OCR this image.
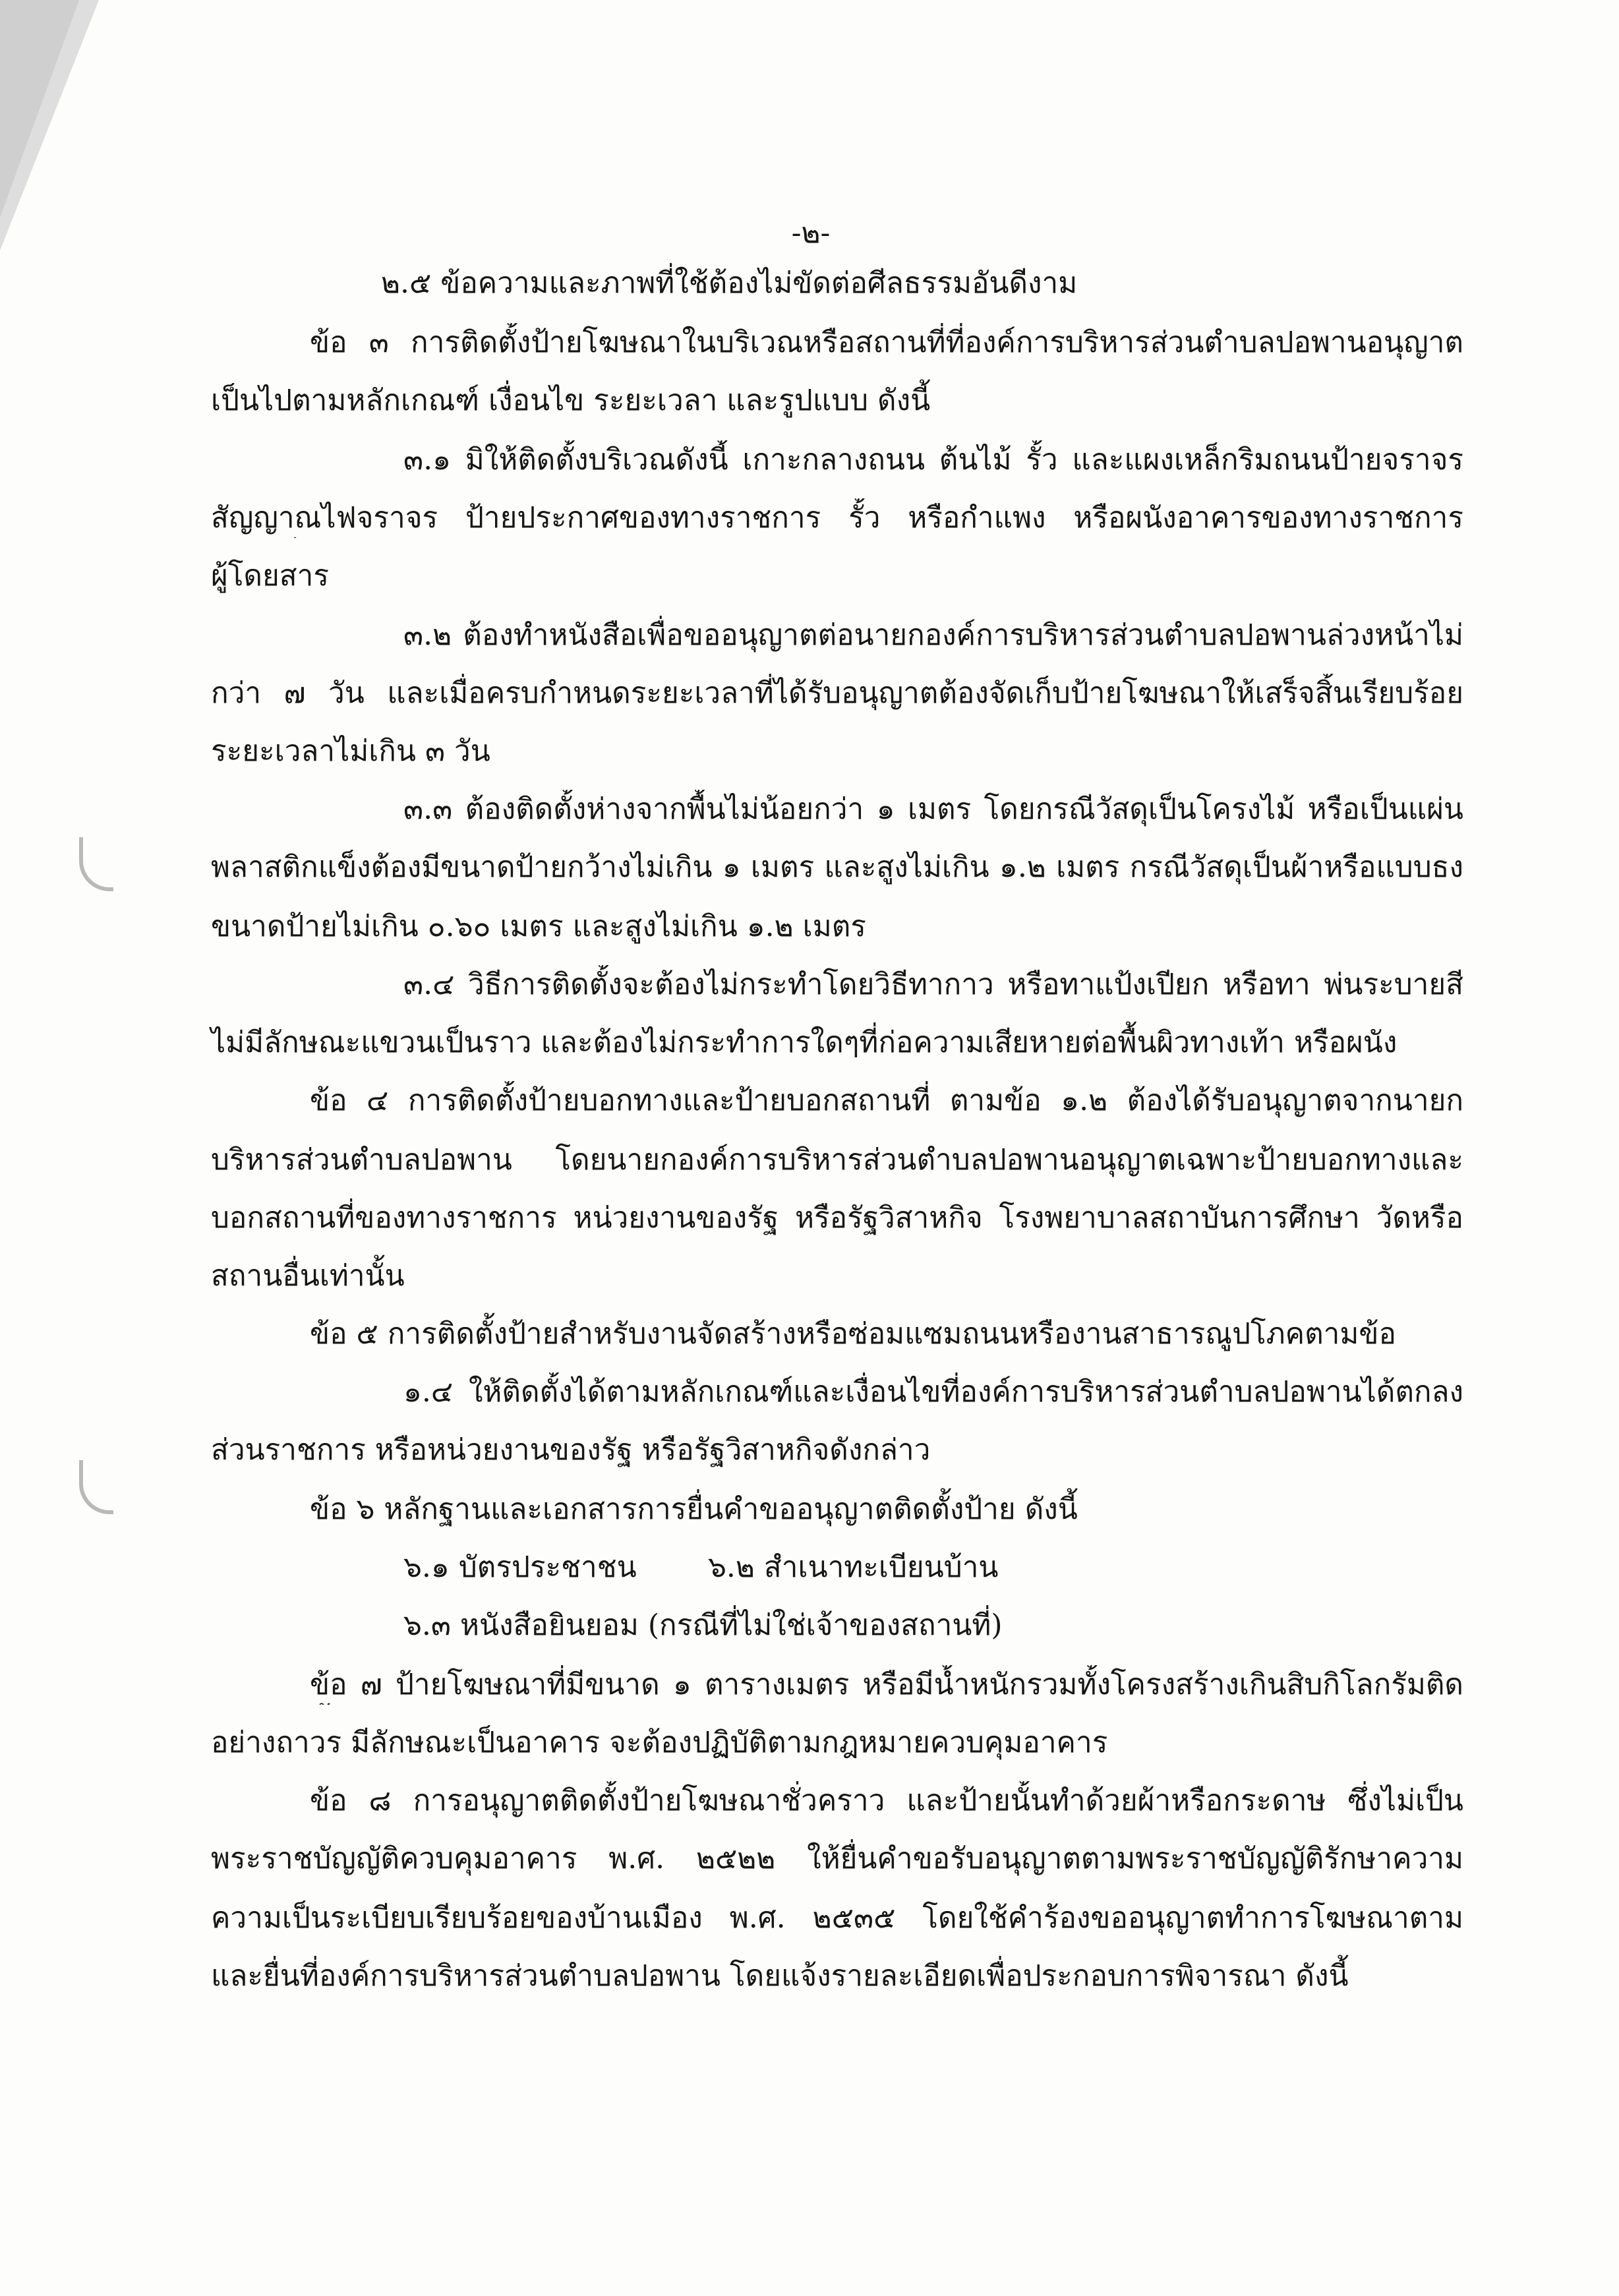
-๒-
๒.๕ ข้อความและภาพที่ใช้ต้องไม่ขัดต่อศีลธรรมอันดีงาม
ข้อ ๓ การติดตั้งป้ายโฆษณาในบริเวณหรือสถานที่ที่องค์การบริหารส่วนตำบลปอพานอนุญาต
เป็นไปตามหลักเกณฑ์ เงื่อนไข ระยะเวลา และรูปแบบ ดังนี้
๓.๑ มิให้ติดตั้งบริเวณดังนี้ เกาะกลางถนน ต้นไม้ รั้ว และแผงเหล็กริมถนนป้ายจราจร
สัญญาณไฟจราจร ป้ายประกาศของทางราชการ รั้ว หรือกำแพง หรือผนังอาคารของทางราชการ
ผู้โดยสาร
๓.๒ ต้องทำหนังสือเพื่อขออนุญาตต่อนายกองค์การบริหารส่วนตำบลปอพานล่วงหน้าไม่
กว่า ๗ วัน และเมื่อครบกำหนดระยะเวลาที่ได้รับอนุญาตต้องจัดเก็บป้ายโฆษณาให้เสร็จสิ้นเรียบร้อย
ระยะเวลาไม่เกิน ๓ วัน
๓.๓ ต้องติดตั้งห่างจากพื้นไม่น้อยกว่า ๑ เมตร โดยกรณีวัสดุเป็นโครงไม้ หรือเป็นแผ่น
พลาสติกแข็งต้องมีขนาดป้ายกว้างไม่เกิน ๑ เมตร และสูงไม่เกิน ๑.๒ เมตร กรณีวัสดุเป็นผ้าหรือแบบธง
ขนาดป้ายไม่เกิน ๐.๖๐ เมตร และสูงไม่เกิน ๑.๒ เมตร
๓.๔ วิธีการติดตั้งจะต้องไม่กระทำโดยวิธีทากาว หรือทาแป้งเปียก หรือทา พ่นระบายสี
ไม่มีลักษณะแขวนเป็นราว และต้องไม่กระทำการใดๆที่ก่อความเสียหายต่อพื้นผิวทางเท้า หรือผนัง
ข้อ ๔ การติดตั้งป้ายบอกทางและป้ายบอกสถานที่ ตามข้อ ๑.๒ ต้องได้รับอนุญาตจากนายก
บริหารส่วนตำบลปอพาน โดยนายกองค์การบริหารส่วนตำบลปอพานอนุญาตเฉพาะป้ายบอกทางและ
บอกสถานที่ของทางราชการ หน่วยงานของรัฐ หรือรัฐวิสาหกิจ โรงพยาบาลสถาบันการศึกษา วัดหรือ
สถานอื่นเท่านั้น
ข้อ ๕ การติดตั้งป้ายสำหรับงานจัดสร้างหรือซ่อมแซมถนนหรืองานสาธารณูปโภคตามข้อ
๑.๔ ให้ติดตั้งได้ตามหลักเกณฑ์และเงื่อนไขที่องค์การบริหารส่วนตำบลปอพานได้ตกลง
ส่วนราชการ หรือหน่วยงานของรัฐ หรือรัฐวิสาหกิจดังกล่าว
ข้อ ๖ หลักฐานและเอกสารการยื่นคำขออนุญาตติดตั้งป้าย ดังนี้
๖.๑ บัตรประชาชน ๖.๒ สำเนาทะเบียนบ้าน
๖.๓ หนังสือยินยอม (กรณีที่ไม่ใช่เจ้าของสถานที่)
ข้อ ๗ ป้ายโฆษณาที่มีขนาด ๑ ตารางเมตร หรือมีน้ำหนักรวมทั้งโครงสร้างเกินสิบกิโลกรัมติด
อย่างถาวร มีลักษณะเป็นอาคาร จะต้องปฏิบัติตามกฎหมายควบคุมอาคาร
ข้อ ๘ การอนุญาตติดตั้งป้ายโฆษณาชั่วคราว และป้ายนั้นทำด้วยผ้าหรือกระดาษ ซึ่งไม่เป็น
พระราชบัญญัติควบคุมอาคาร พ.ศ. ๒๕๒๒ ให้ยื่นคำขอรับอนุญาตตามพระราชบัญญัติรักษาความ
ความเป็นระเบียบเรียบร้อยของบ้านเมือง พ.ศ. ๒๕๓๕ โดยใช้คำร้องขออนุญาตทำการโฆษณาตาม
และยื่นที่องค์การบริหารส่วนตำบลปอพาน โดยแจ้งรายละเอียดเพื่อประกอบการพิจารณา ดังนี้
